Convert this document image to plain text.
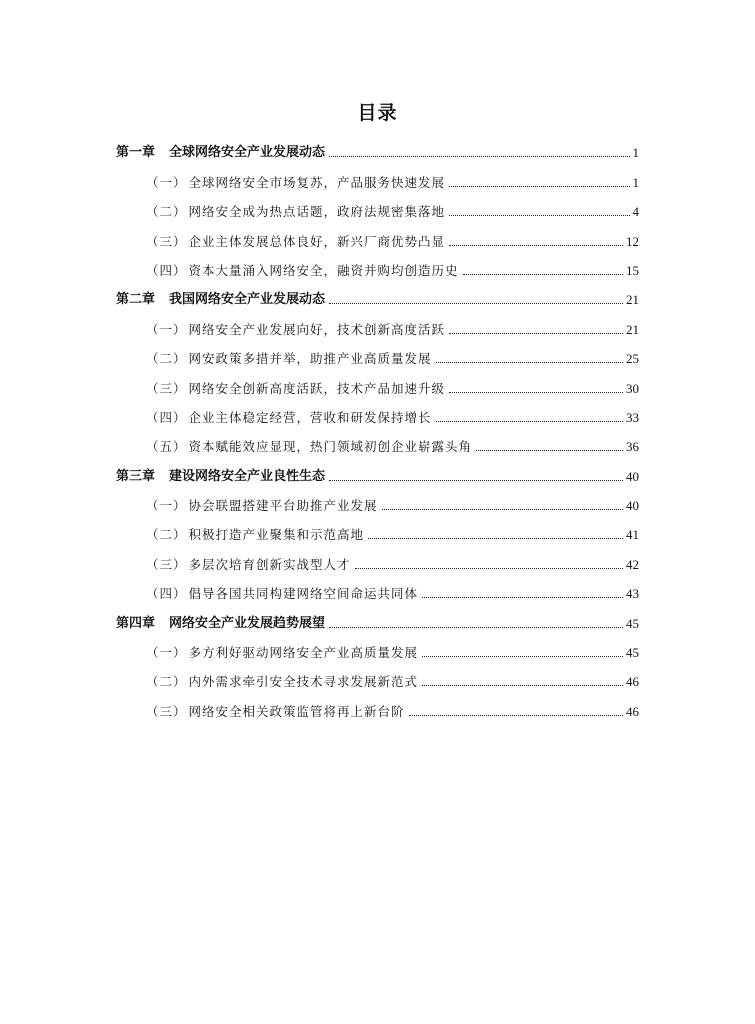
目录
第一章 全球网络安全产业发展动态	1
（一） 全球网络安全市场复苏，产品服务快速发展	1
（二） 网络安全成为热点话题，政府法规密集落地	4
（三） 企业主体发展总体良好，新兴厂商优势凸显	12
（四） 资本大量涌入网络安全，融资并购均创造历史	15
第二章 我国网络安全产业发展动态	21
（一） 网络安全产业发展向好，技术创新高度活跃	21
（二） 网安政策多措并举，助推产业高质量发展	25
（三） 网络安全创新高度活跃，技术产品加速升级	30
（四） 企业主体稳定经营，营收和研发保持增长	33
（五） 资本赋能效应显现，热门领域初创企业崭露头角	36
第三章 建设网络安全产业良性生态	40
（一） 协会联盟搭建平台助推产业发展	40
（二） 积极打造产业聚集和示范高地	41
（三） 多层次培育创新实战型人才	42
（四） 倡导各国共同构建网络空间命运共同体	43
第四章 网络安全产业发展趋势展望	45
（一） 多方利好驱动网络安全产业高质量发展	45
（二） 内外需求牵引安全技术寻求发展新范式	46
（三） 网络安全相关政策监管将再上新台阶	46
